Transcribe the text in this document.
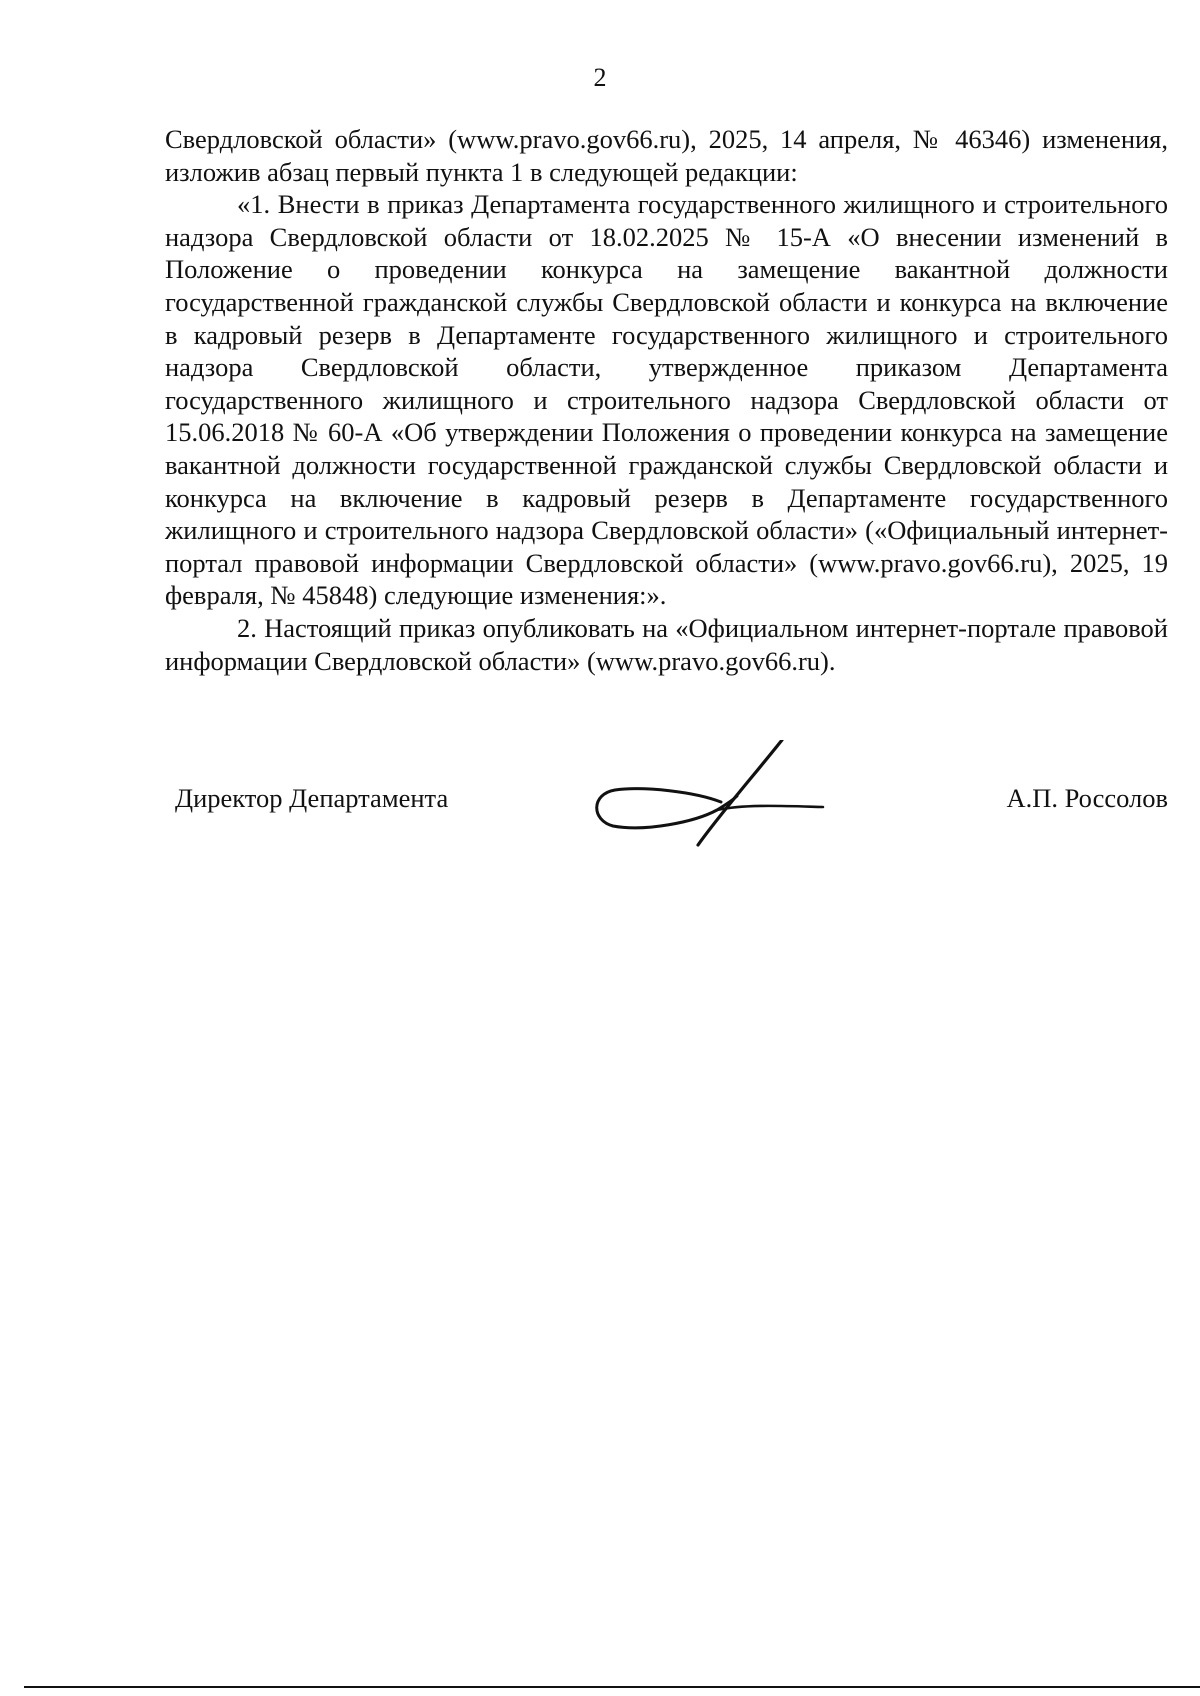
2

Свердловской области» (www.pravo.gov66.ru), 2025, 14 апреля, № 46346) изменения, изложив абзац первый пункта 1 в следующей редакции:

«1. Внести в приказ Департамента государственного жилищного и строительного надзора Свердловской области от 18.02.2025 № 15-А «О внесении изменений в Положение о проведении конкурса на замещение вакантной должности государственной гражданской службы Свердловской области и конкурса на включение в кадровый резерв в Департаменте государственного жилищного и строительного надзора Свердловской области, утвержденное приказом Департамента государственного жилищного и строительного надзора Свердловской области от 15.06.2018 № 60-А «Об утверждении Положения о проведении конкурса на замещение вакантной должности государственной гражданской службы Свердловской области и конкурса на включение в кадровый резерв в Департаменте государственного жилищного и строительного надзора Свердловской области» («Официальный интернет-портал правовой информации Свердловской области» (www.pravo.gov66.ru), 2025, 19 февраля, № 45848) следующие изменения:».

2. Настоящий приказ опубликовать на «Официальном интернет-портале правовой информации Свердловской области» (www.pravo.gov66.ru).

Директор Департамента	А.П. Россолов
